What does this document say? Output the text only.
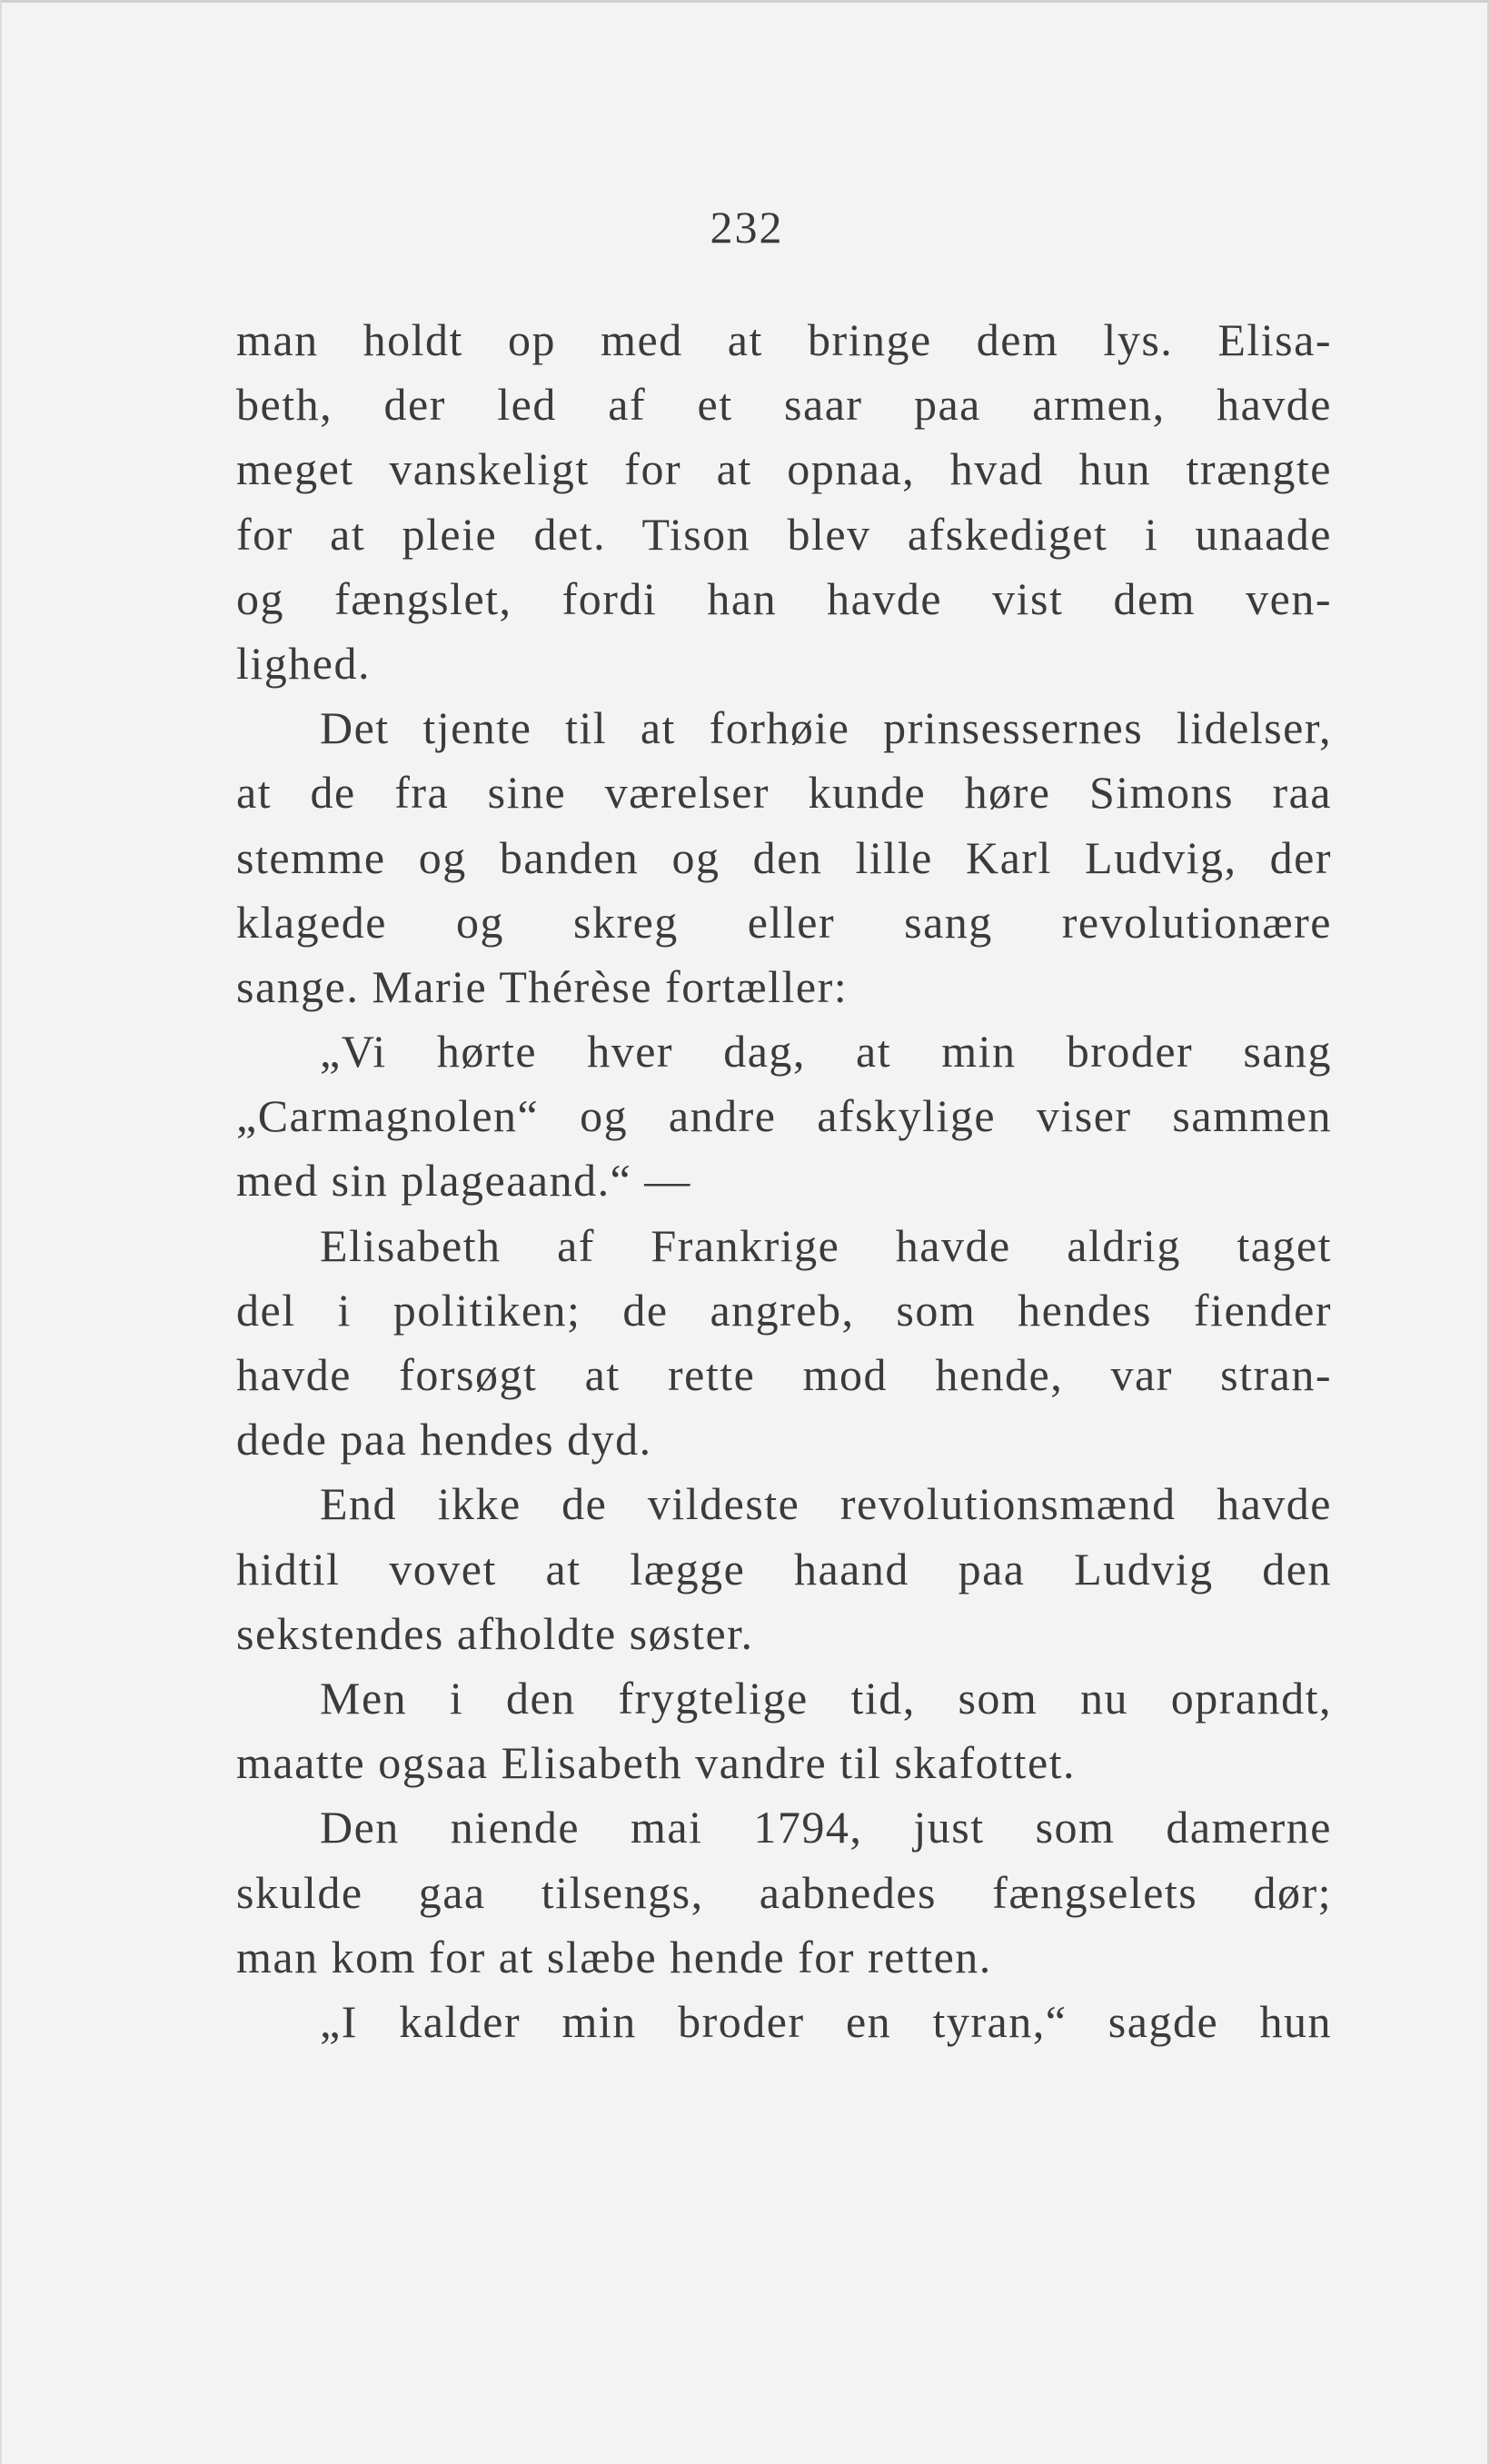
232
man holdt op med at bringe dem lys. Elisa-
beth, der led af et saar paa armen, havde
meget vanskeligt for at opnaa, hvad hun trængte
for at pleie det. Tison blev afskediget i unaade
og fængslet, fordi han havde vist dem ven-
lighed.
Det tjente til at forhøie prinsessernes lidelser,
at de fra sine værelser kunde høre Simons raa
stemme og banden og den lille Karl Ludvig, der
klagede og skreg eller sang revolutionære
sange. Marie Thérèse fortæller:
„Vi hørte hver dag, at min broder sang
„Carmagnolen“ og andre afskylige viser sammen
med sin plageaand.“ —
Elisabeth af Frankrige havde aldrig taget
del i politiken; de angreb, som hendes fiender
havde forsøgt at rette mod hende, var stran-
dede paa hendes dyd.
End ikke de vildeste revolutionsmænd havde
hidtil vovet at lægge haand paa Ludvig den
sekstendes afholdte søster.
Men i den frygtelige tid, som nu oprandt,
maatte ogsaa Elisabeth vandre til skafottet.
Den niende mai 1794, just som damerne
skulde gaa tilsengs, aabnedes fængselets dør;
man kom for at slæbe hende for retten.
„I kalder min broder en tyran,“ sagde hun
